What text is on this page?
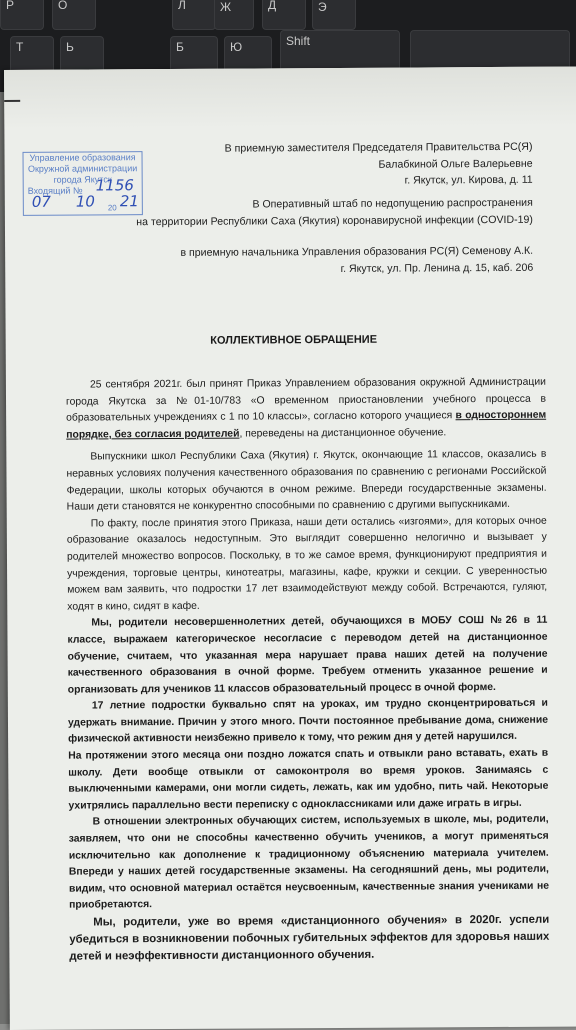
Р	О	Л	Д
Ж	Э
Т	Ь	Б	Ю	Shift
Управление образования
Окружной администрации
города Якутск
Входящий № 1156
07 10 20 21
В приемную заместителя Председателя Правительства РС(Я)
Балабкиной Ольге Валерьевне
г. Якутск, ул. Кирова, д. 11
В Оперативный штаб по недопущению распространения
на территории Республики Саха (Якутия) коронавирусной инфекции (COVID-19)
в приемную начальника Управления образования РС(Я) Семенову А.К.
г. Якутск, ул. Пр. Ленина д. 15, каб. 206
КОЛЛЕКТИВНОЕ ОБРАЩЕНИЕ

25 сентября 2021г. был принят Приказ Управлением образования окружной Администрации города Якутска за №01-10/783 «О временном приостановлении учебного процесса в образовательных учреждениях с 1 по 10 классы», согласно которого учащиеся в одностороннем порядке, без согласия родителей, переведены на дистанционное обучение.

Выпускники школ Республики Саха (Якутия) г. Якутск, окончающие 11 классов, оказались в неравных условиях получения качественного образования по сравнению с регионами Российской Федерации, школы которых обучаются в очном режиме. Впереди государственные экзамены. Наши дети становятся не конкурентно способными по сравнению с другими выпускниками.

По факту, после принятия этого Приказа, наши дети остались «изгоями», для которых очное образование оказалось недоступным. Это выглядит совершенно нелогично и вызывает у родителей множество вопросов. Поскольку, в то же самое время, функционируют предприятия и учреждения, торговые центры, кинотеатры, магазины, кафе, кружки и секции. С уверенностью можем вам заявить, что подростки 17 лет взаимодействуют между собой. Встречаются, гуляют, ходят в кино, сидят в кафе.

Мы, родители несовершеннолетних детей, обучающихся в МОБУ СОШ №26 в 11 классе, выражаем категорическое несогласие с переводом детей на дистанционное обучение, считаем, что указанная мера нарушает права наших детей на получение качественного образования в очной форме. Требуем отменить указанное решение и организовать для учеников 11 классов образовательный процесс в очной форме.

17 летние подростки буквально спят на уроках, им трудно сконцентрироваться и удержать внимание. Причин у этого много. Почти постоянное пребывание дома, снижение физической активности неизбежно привело к тому, что режим дня у детей нарушился.

На протяжении этого месяца они поздно ложатся спать и отвыкли рано вставать, ехать в школу. Дети вообще отвыкли от самоконтроля во время уроков. Занимаясь с выключенными камерами, они могли сидеть, лежать, как им удобно, пить чай. Некоторые ухитрялись параллельно вести переписку с одноклассниками или даже играть в игры.

В отношении электронных обучающих систем, используемых в школе, мы, родители, заявляем, что они не способны качественно обучить учеников, а могут применяться исключительно как дополнение к традиционному объяснению материала учителем. Впереди у наших детей государственные экзамены. На сегодняшний день, мы родители, видим, что основной материал остаётся неусвоенным, качественные знания учениками не приобретаются.

Мы, родители, уже во время «дистанционного обучения» в 2020г. успели убедиться в возникновении побочных губительных эффектов для здоровья наших детей и неэффективности дистанционного обучения.
